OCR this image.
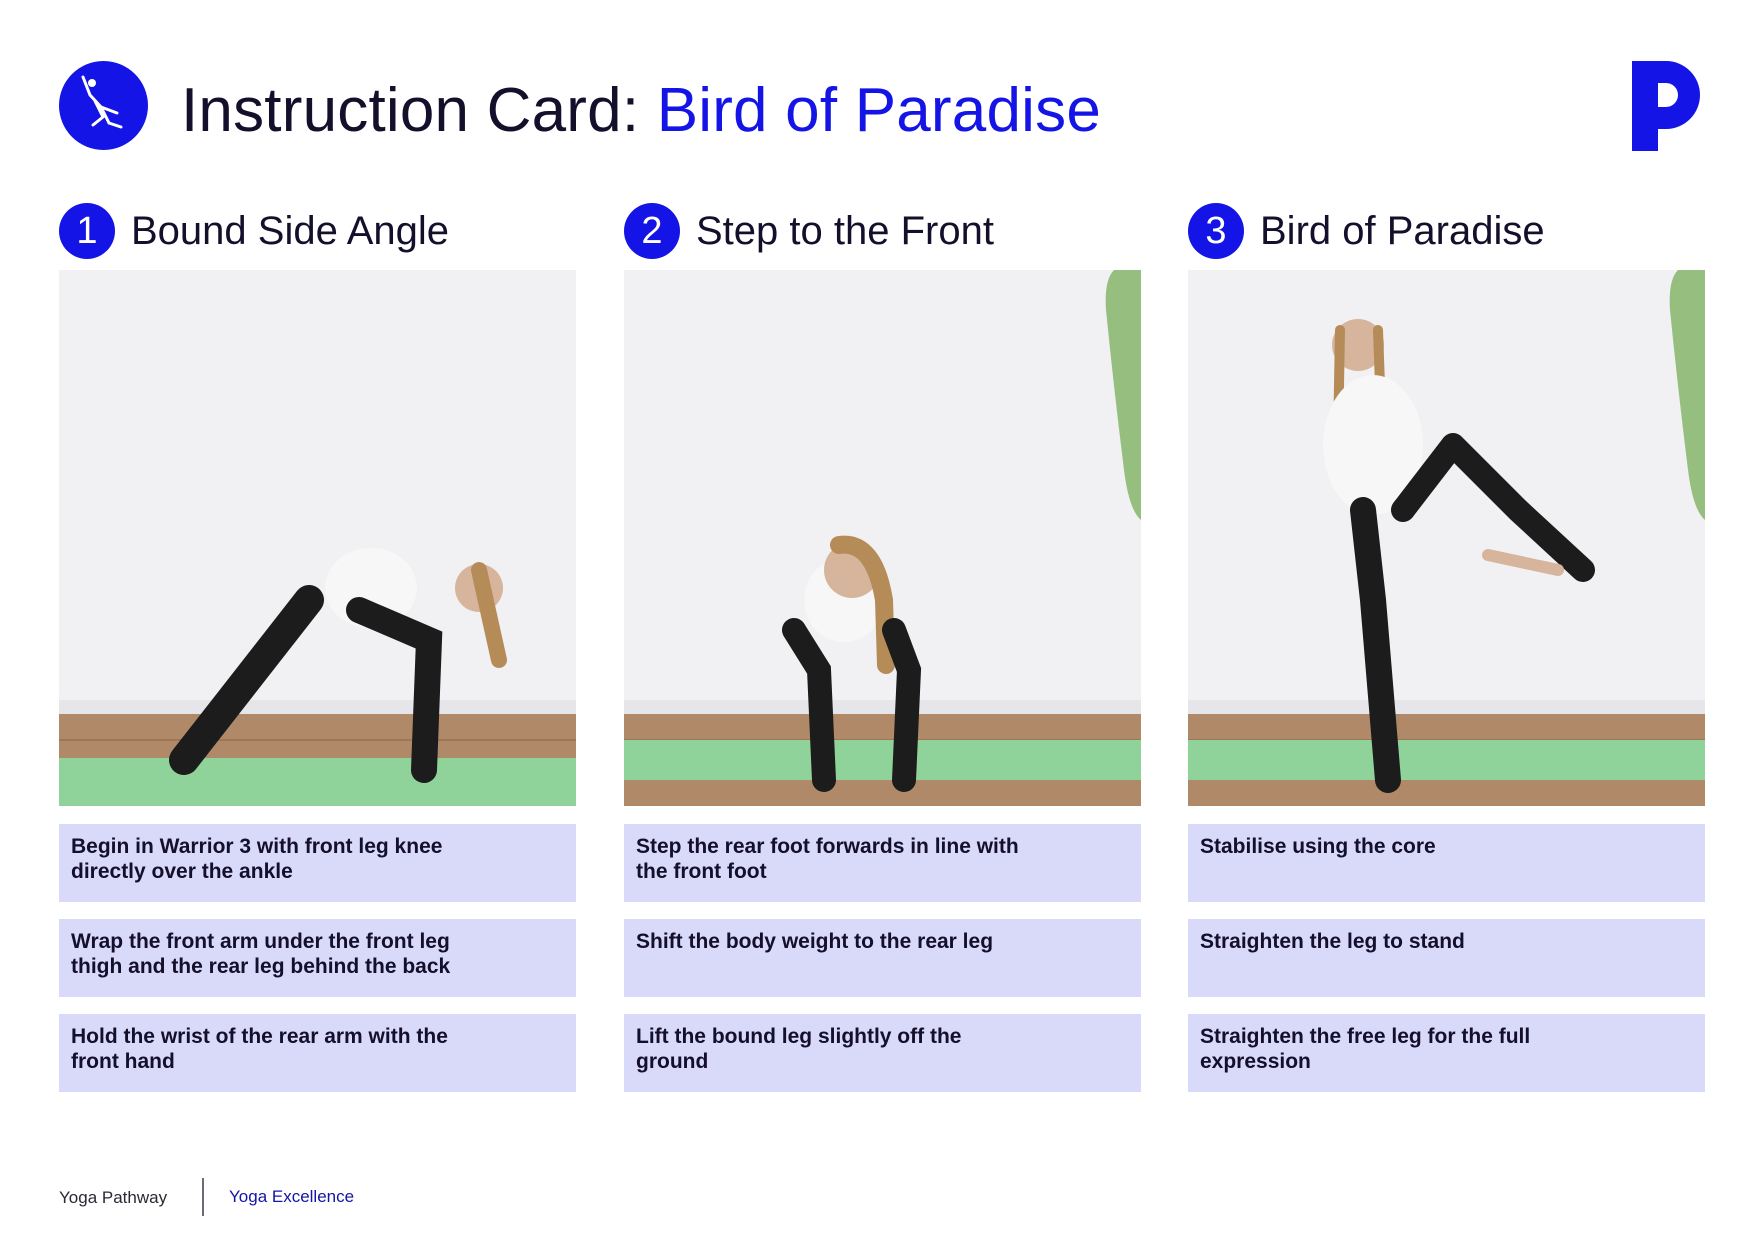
Instruction Card: Bird of Paradise
1 Bound Side Angle
Begin in Warrior 3 with front leg knee directly over the ankle
Wrap the front arm under the front leg thigh and the rear leg behind the back
Hold the wrist of the rear arm with the front hand
2 Step to the Front
Step the rear foot forwards in line with the front foot
Shift the body weight to the rear leg
Lift the bound leg slightly off the ground
3 Bird of Paradise
Stabilise using the core
Straighten the leg to stand
Straighten the free leg for the full expression
Yoga Pathway	Yoga Excellence
